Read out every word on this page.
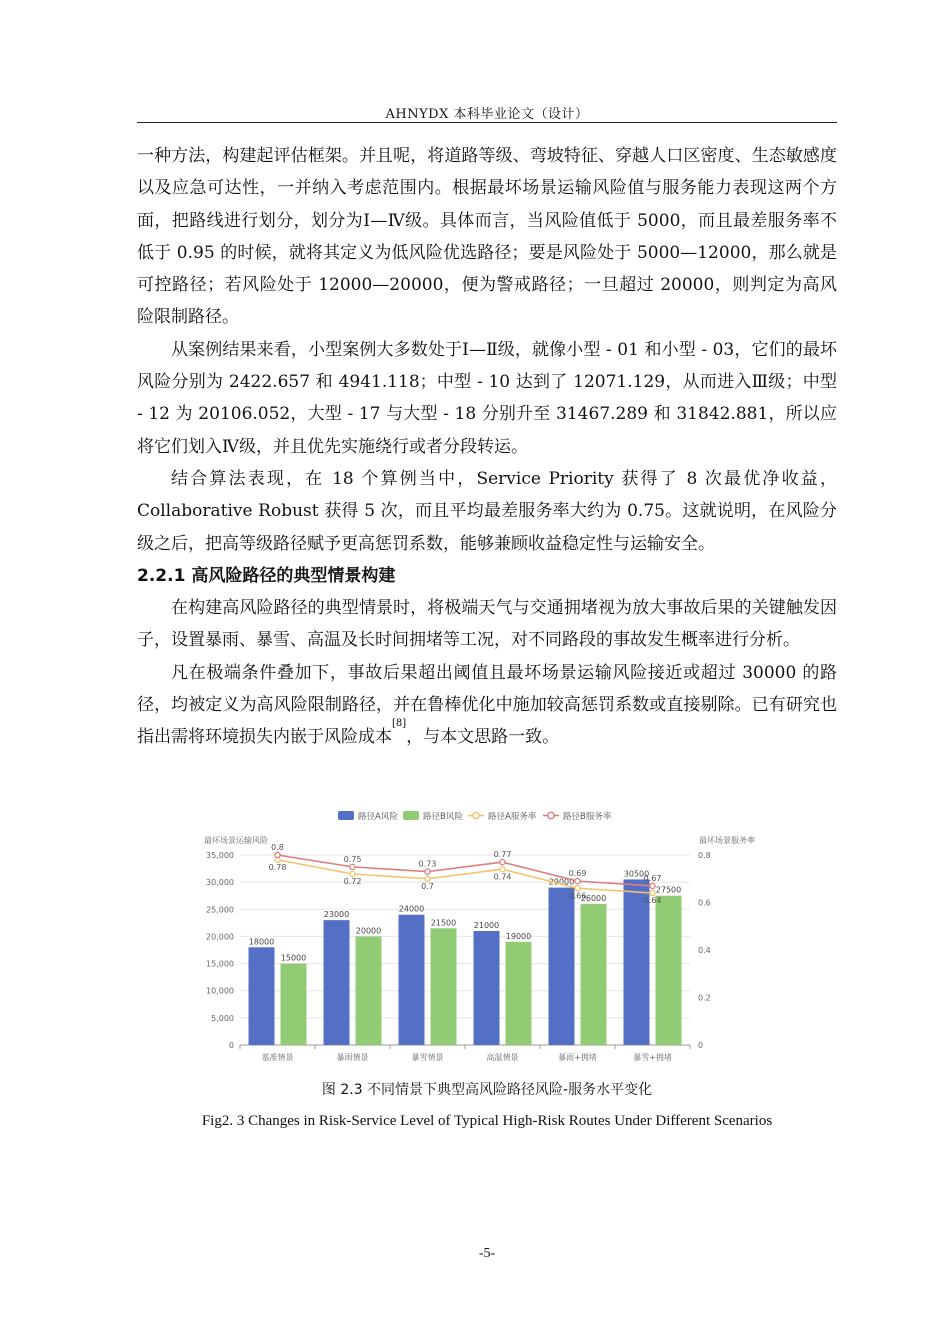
AHNYDX 本科毕业论文（设计）

一种方法，构建起评估框架。并且呢，将道路等级、弯坡特征、穿越人口区密度、生态敏感度以及应急可达性，一并纳入考虑范围内。根据最坏场景运输风险值与服务能力表现这两个方面，把路线进行划分，划分为Ⅰ—Ⅳ级。具体而言，当风险值低于 5000，而且最差服务率不低于 0.95 的时候，就将其定义为低风险优选路径；要是风险处于 5000—12000，那么就是可控路径；若风险处于 12000—20000，便为警戒路径；一旦超过 20000，则判定为高风险限制路径。

从案例结果来看，小型案例大多数处于Ⅰ—Ⅱ级，就像小型 - 01 和小型 - 03，它们的最坏风险分别为 2422.657 和 4941.118；中型 - 10 达到了 12071.129，从而进入Ⅲ级；中型 - 12 为 20106.052，大型 - 17 与大型 - 18 分别升至 31467.289 和 31842.881，所以应将它们划入Ⅳ级，并且优先实施绕行或者分段转运。

结合算法表现，在 18 个算例当中，Service Priority 获得了 8 次最优净收益，Collaborative Robust 获得 5 次，而且平均最差服务率大约为 0.75。这就说明，在风险分级之后，把高等级路径赋予更高惩罚系数，能够兼顾收益稳定性与运输安全。

2.2.1 高风险路径的典型情景构建

在构建高风险路径的典型情景时，将极端天气与交通拥堵视为放大事故后果的关键触发因子，设置暴雨、暴雪、高温及长时间拥堵等工况，对不同路段的事故发生概率进行分析。

凡在极端条件叠加下，事故后果超出阈值且最坏场景运输风险接近或超过 30000 的路径，均被定义为高风险限制路径，并在鲁棒优化中施加较高惩罚系数或直接剔除。已有研究也指出需将环境损失内嵌于风险成本[8]，与本文思路一致。

路径A风险	路径B风险	路径A服务率	路径B服务率
最坏场景运输风险	最坏场景服务率
0
5,000
10,000
15,000
20,000
25,000
30,000
35,000
0
0.2
0.4
0.6
0.8
基准情景	暴雨情景	暴雪情景	高温情景	暴雨+拥堵	暴雪+拥堵
18000
23000
24000
21000
29000
30500
15000
20000
21500
19000
26000
27500
0.78
0.72
0.7
0.74
0.66
0.64
0.8
0.75
0.73
0.77
0.69
0.67
图 2.3 不同情景下典型高风险路径风险-服务水平变化
Fig2. 3 Changes in Risk-Service Level of Typical High-Risk Routes Under Different Scenarios
-5-
